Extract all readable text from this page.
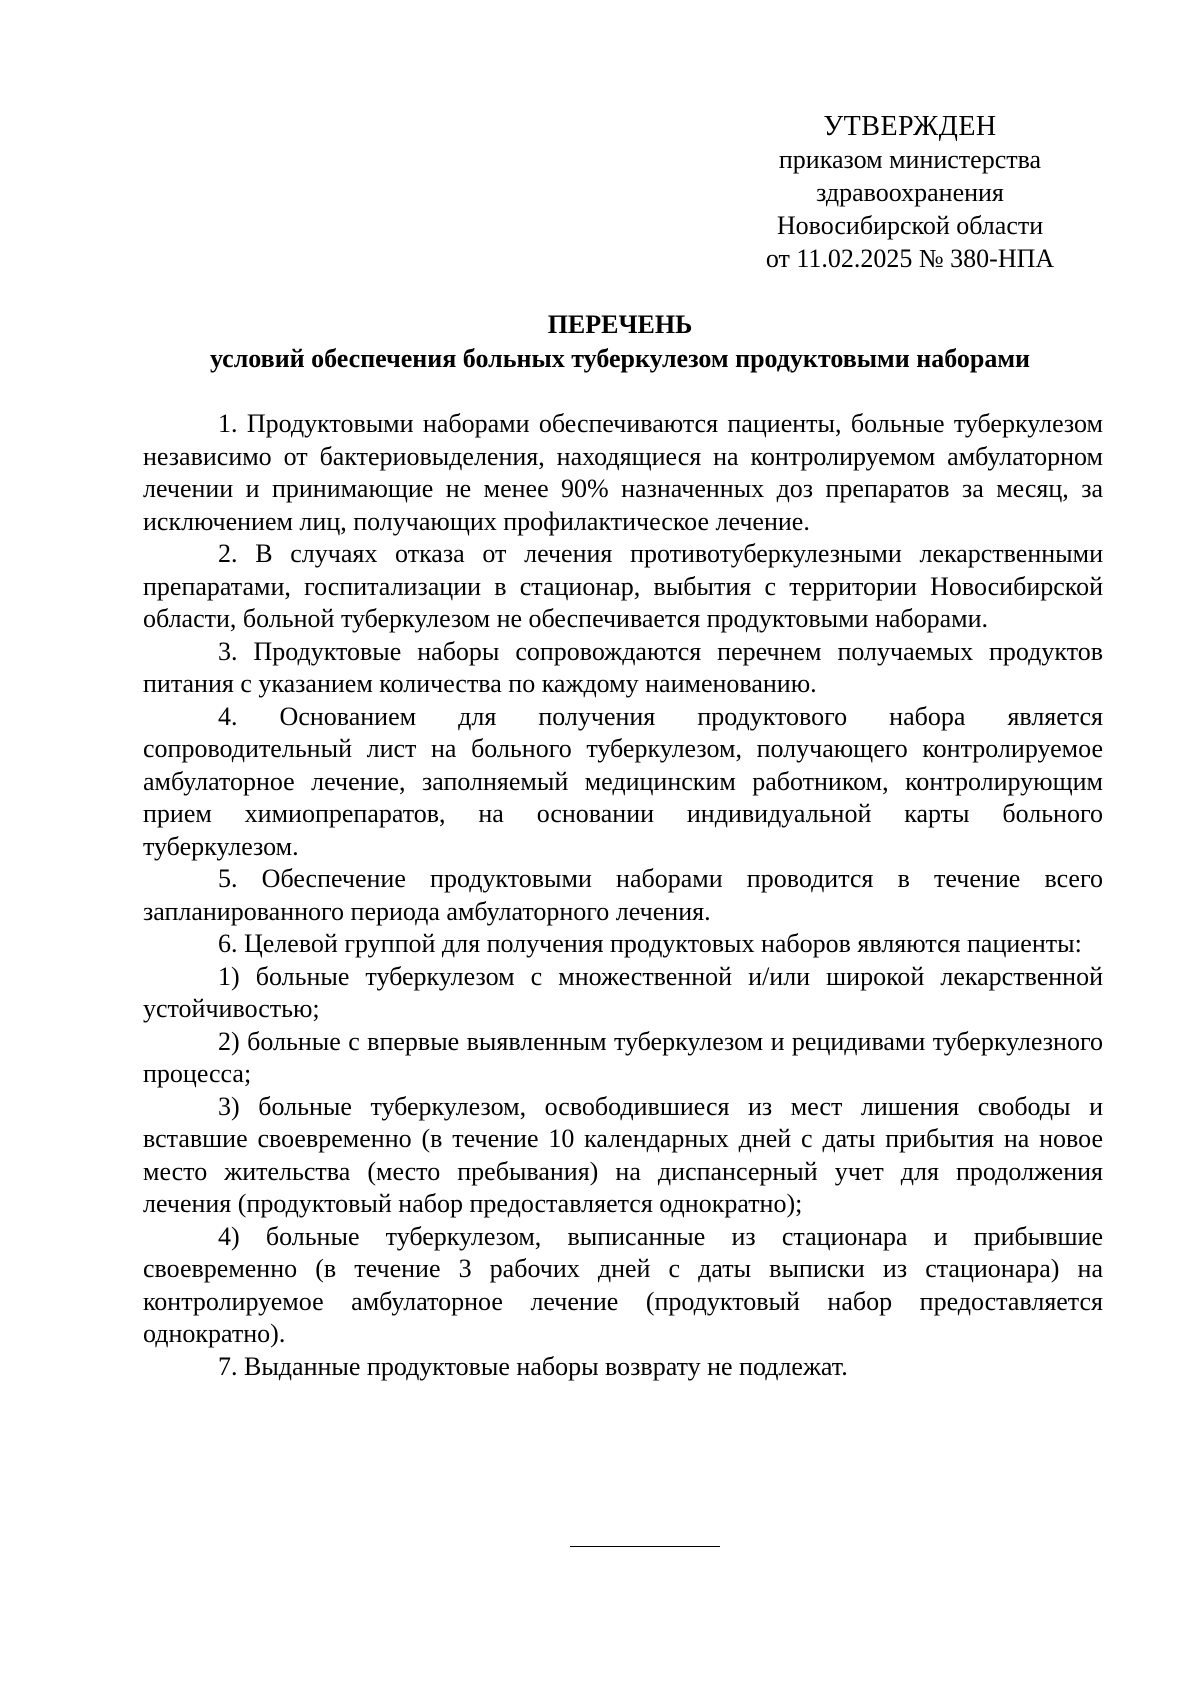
УТВЕРЖДЕН
приказом министерства
здравоохранения
Новосибирской области
от 11.02.2025 № 380-НПА
ПЕРЕЧЕНЬ
условий обеспечения больных туберкулезом продуктовыми наборами

1. Продуктовыми наборами обеспечиваются пациенты, больные туберкулезом независимо от бактериовыделения, находящиеся на контролируемом амбулаторном лечении и принимающие не менее 90% назначенных доз препаратов за месяц, за исключением лиц, получающих профилактическое лечение.

2. В случаях отказа от лечения противотуберкулезными лекарственными препаратами, госпитализации в стационар, выбытия с территории Новосибирской области, больной туберкулезом не обеспечивается продуктовыми наборами.

3. Продуктовые наборы сопровождаются перечнем получаемых продуктов питания с указанием количества по каждому наименованию.

4. Основанием для получения продуктового набора является сопроводительный лист на больного туберкулезом, получающего контролируемое амбулаторное лечение, заполняемый медицинским работником, контролирующим прием химиопрепаратов, на основании индивидуальной карты больного туберкулезом.

5. Обеспечение продуктовыми наборами проводится в течение всего запланированного периода амбулаторного лечения.

6. Целевой группой для получения продуктовых наборов являются пациенты:

1) больные туберкулезом с множественной и/или широкой лекарственной устойчивостью;

2) больные с впервые выявленным туберкулезом и рецидивами туберкулезного процесса;

3) больные туберкулезом, освободившиеся из мест лишения свободы и вставшие своевременно (в течение 10 календарных дней с даты прибытия на новое место жительства (место пребывания) на диспансерный учет для продолжения лечения (продуктовый набор предоставляется однократно);

4) больные туберкулезом, выписанные из стационара и прибывшие своевременно (в течение 3 рабочих дней с даты выписки из стационара) на контролируемое амбулаторное лечение (продуктовый набор предоставляется однократно).

7. Выданные продуктовые наборы возврату не подлежат.
